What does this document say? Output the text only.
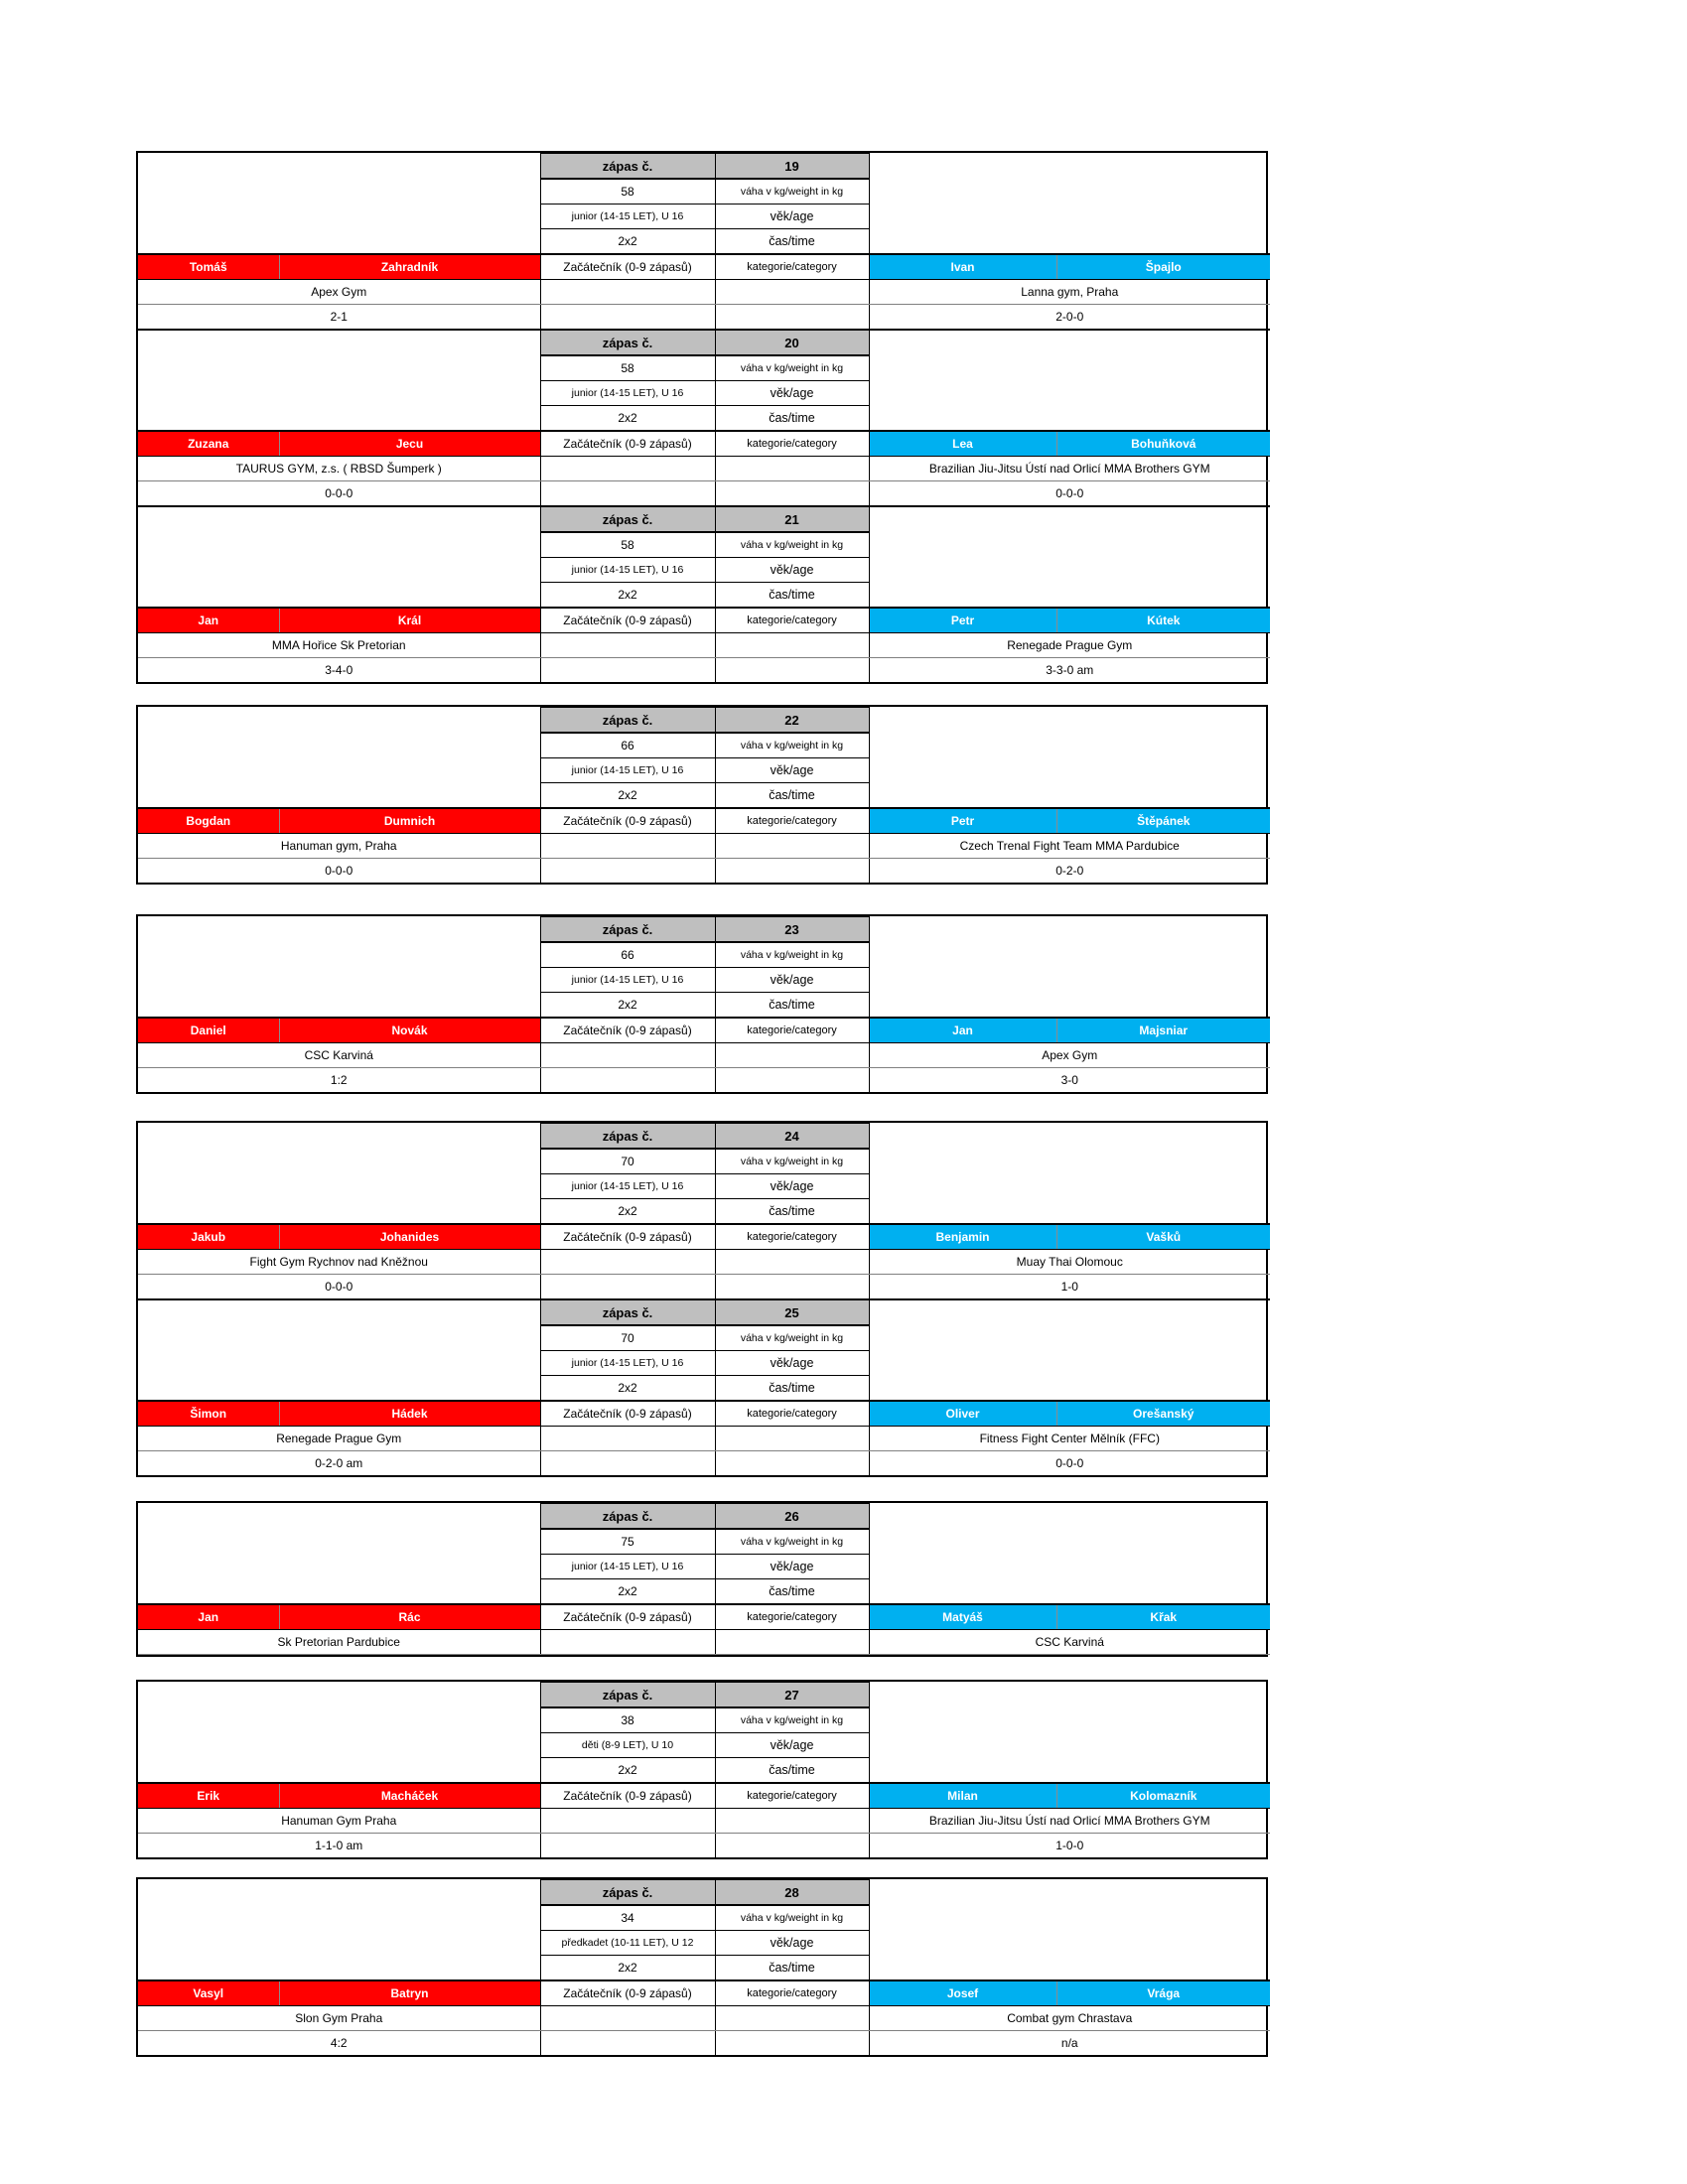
		zápas č.	19		
		58	váha v kg/weight in kg		
		junior (14-15 LET), U 16	věk/age		
		2x2	čas/time		
Tomáš	Zahradník	Začátečník (0-9 zápasů)	kategorie/category	Ivan	Špajlo
Apex Gym				Lanna gym, Praha	
2-1				2-0-0	
		zápas č.	20		
		58	váha v kg/weight in kg		
		junior (14-15 LET), U 16	věk/age		
		2x2	čas/time		
Zuzana	Jecu	Začátečník (0-9 zápasů)	kategorie/category	Lea	Bohuňková
TAURUS GYM, z.s. ( RBSD Šumperk )				Brazilian Jiu-Jitsu Ústí nad Orlicí MMA Brothers GYM	
0-0-0				0-0-0	
		zápas č.	21		
		58	váha v kg/weight in kg		
		junior (14-15 LET), U 16	věk/age		
		2x2	čas/time		
Jan	Král	Začátečník (0-9 zápasů)	kategorie/category	Petr	Kútek
MMA Hořice Sk Pretorian				Renegade Prague Gym	
3-4-0				3-3-0 am	
		zápas č.	22		
		66	váha v kg/weight in kg		
		junior (14-15 LET), U 16	věk/age		
		2x2	čas/time		
Bogdan	Dumnich	Začátečník (0-9 zápasů)	kategorie/category	Petr	Štěpánek
Hanuman gym, Praha				Czech Trenal Fight Team MMA Pardubice	
0-0-0				0-2-0	
		zápas č.	23		
		66	váha v kg/weight in kg		
		junior (14-15 LET), U 16	věk/age		
		2x2	čas/time		
Daniel	Novák	Začátečník (0-9 zápasů)	kategorie/category	Jan	Majsniar
CSC Karviná				Apex Gym	
1:2				3-0	
		zápas č.	24		
		70	váha v kg/weight in kg		
		junior (14-15 LET), U 16	věk/age		
		2x2	čas/time		
Jakub	Johanides	Začátečník (0-9 zápasů)	kategorie/category	Benjamin	Vašků
Fight Gym Rychnov nad Kněžnou				Muay Thai Olomouc	
0-0-0				1-0	
		zápas č.	25		
		70	váha v kg/weight in kg		
		junior (14-15 LET), U 16	věk/age		
		2x2	čas/time		
Šimon	Hádek	Začátečník (0-9 zápasů)	kategorie/category	Oliver	Orešanský
Renegade Prague Gym				Fitness Fight Center Mělník (FFC)	
0-2-0 am				0-0-0	
		zápas č.	26		
		75	váha v kg/weight in kg		
		junior (14-15 LET), U 16	věk/age		
		2x2	čas/time		
Jan	Rác	Začátečník (0-9 zápasů)	kategorie/category	Matyáš	Křak
Sk Pretorian Pardubice				CSC Karviná	
		zápas č.	27		
		38	váha v kg/weight in kg		
		děti (8-9 LET), U 10	věk/age		
		2x2	čas/time		
Erik	Macháček	Začátečník (0-9 zápasů)	kategorie/category	Milan	Kolomazník
Hanuman Gym Praha				Brazilian Jiu-Jitsu Ústí nad Orlicí MMA Brothers GYM	
1-1-0 am				1-0-0	
		zápas č.	28		
		34	váha v kg/weight in kg		
		předkadet (10-11 LET), U 12	věk/age		
		2x2	čas/time		
Vasyl	Batryn	Začátečník (0-9 zápasů)	kategorie/category	Josef	Vrága
Slon Gym Praha				Combat gym Chrastava	
4:2				n/a	
